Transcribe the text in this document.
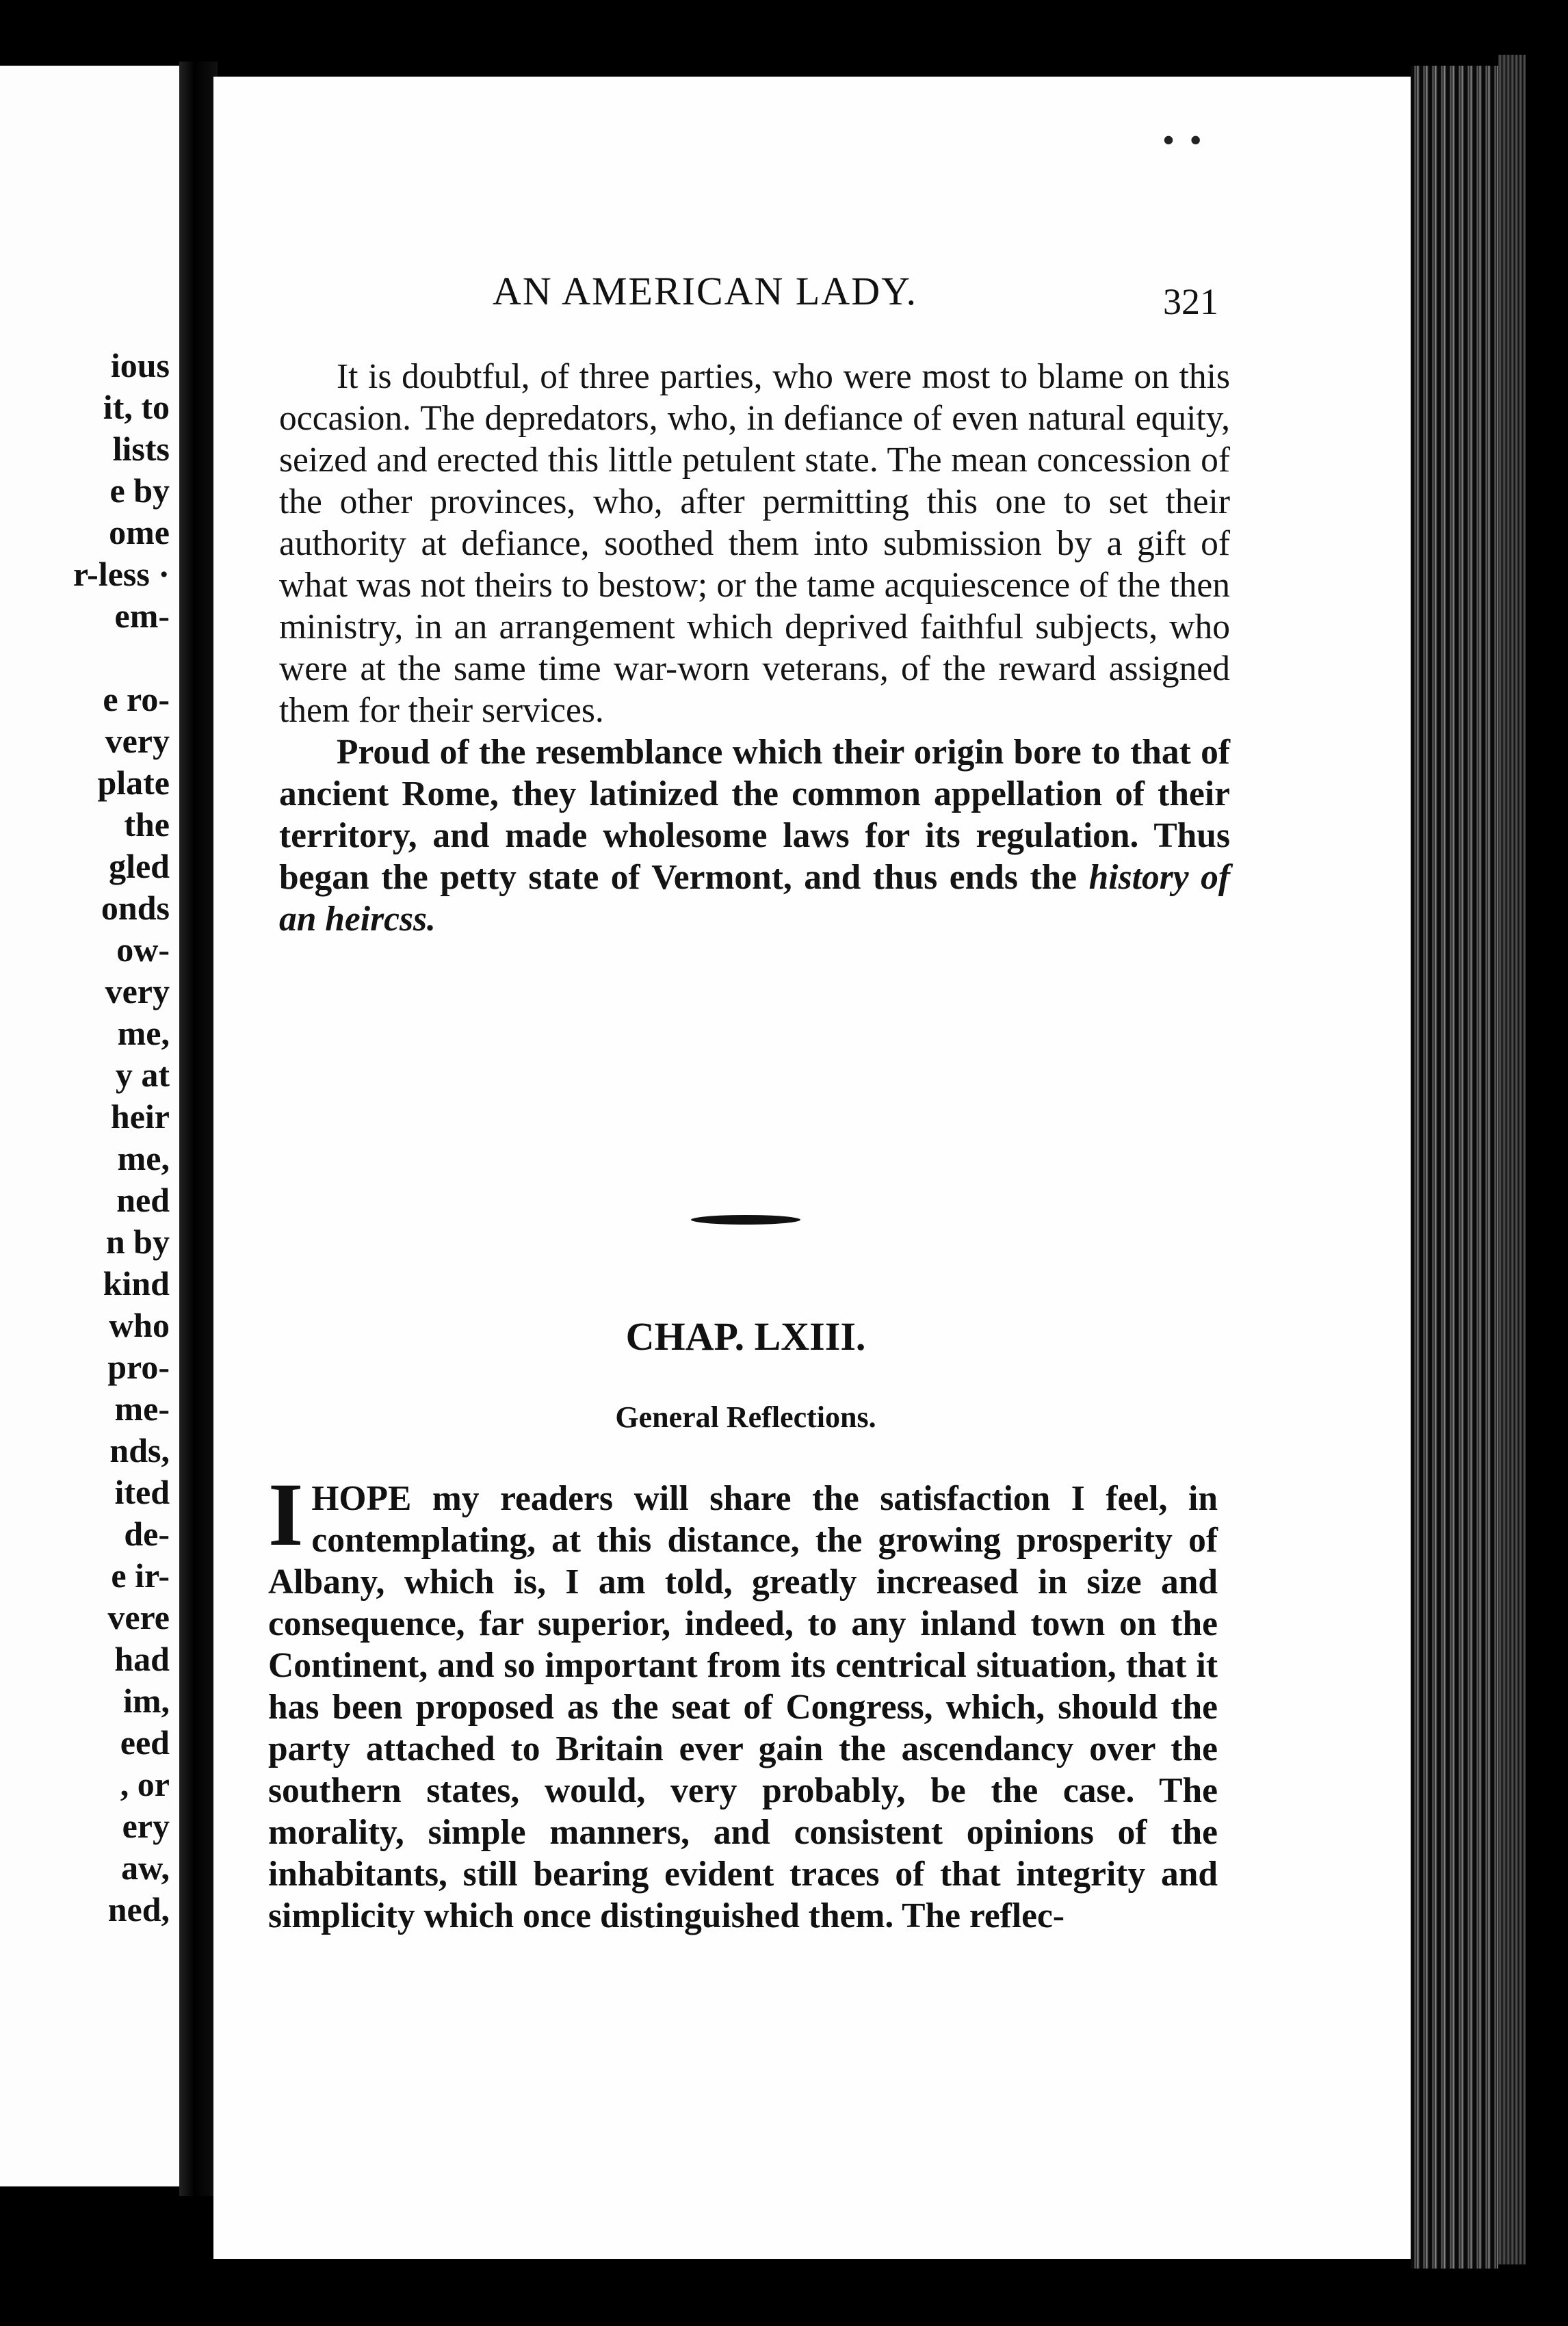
ious
it, to
lists
e by
ome
r-less ·
em-

e ro-
very
plate
the
gled
onds
ow-
very
me,
y at
heir
me,
ned
n by
kind
who
pro-
me-
nds,
ited
de-
e ir-
vere
had
im,
eed
, or
ery
aw,
ned,
• •
AN AMERICAN LADY.	321

It is doubtful, of three parties, who were most to blame on this occasion. The depredators, who, in defiance of even natural equity, seized and erected this little petulent state. The mean concession of the other provinces, who, after permitting this one to set their authority at defiance, soothed them into submission by a gift of what was not theirs to bestow; or the tame acquiescence of the then ministry, in an arrangement which deprived faithful subjects, who were at the same time war-worn veterans, of the reward assigned them for their services.

Proud of the resemblance which their origin bore to that of ancient Rome, they latinized the common appellation of their territory, and made wholesome laws for its regulation. Thus began the petty state of Vermont, and thus ends the history of an heircss.

CHAP. LXIII.
General Reflections.
I HOPE my readers will share the satisfaction I feel, in contemplating, at this distance, the growing prosperity of Albany, which is, I am told, greatly increased in size and consequence, far superior, indeed, to any inland town on the Continent, and so important from its centrical situation, that it has been proposed as the seat of Congress, which, should the party attached to Britain ever gain the ascendancy over the southern states, would, very probably, be the case. The morality, simple manners, and consistent opinions of the inhabitants, still bearing evident traces of that integrity and simplicity which once distinguished them. The reflec-
